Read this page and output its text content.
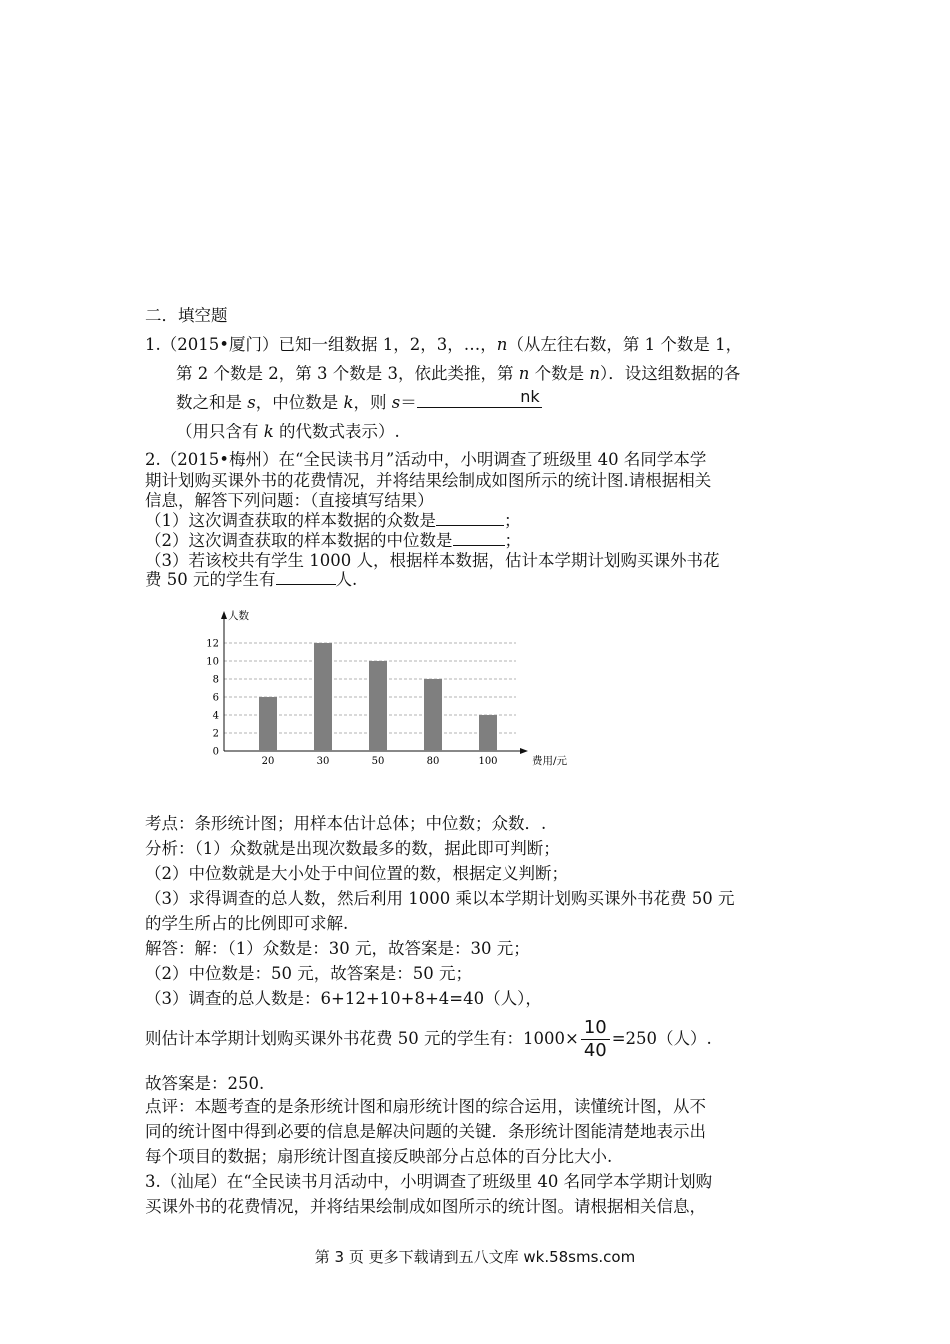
二．填空题
1.（2015•厦门）已知一组数据 1，2，3，…，n（从左往右数，第 1 个数是 1，
第 2 个数是 2，第 3 个数是 3，依此类推，第 n 个数是 n）．设这组数据的各
数之和是 s，中位数是 k，则 s＝	nk
（用只含有 k 的代数式表示）.
2.（2015•梅州）在“全民读书月”活动中，小明调查了班级里 40 名同学本学
期计划购买课外书的花费情况，并将结果绘制成如图所示的统计图.请根据相关
信息，解答下列问题：（直接填写结果）
（1）这次调查获取的样本数据的众数是	；
（2）这次调查获取的样本数据的中位数是	；
（3）若该校共有学生 1000 人，根据样本数据，估计本学期计划购买课外书花
费 50 元的学生有	人.
人数
费用/元
0
2
4
6
8
10
12
20	30	50	80	100
考点：条形统计图；用样本估计总体；中位数；众数．.
分析：（1）众数就是出现次数最多的数，据此即可判断；
（2）中位数就是大小处于中间位置的数，根据定义判断；
（3）求得调查的总人数，然后利用 1000 乘以本学期计划购买课外书花费 50 元
的学生所占的比例即可求解.
解答：解：（1）众数是：30 元，故答案是：30 元；
（2）中位数是：50 元，故答案是：50 元；
（3）调查的总人数是：6+12+10+8+4=40（人），
则估计本学期计划购买课外书花费 50 元的学生有：$1000\times \frac{10}{40} =250$（人）.
故答案是：250.
点评：本题考查的是条形统计图和扇形统计图的综合运用，读懂统计图，从不
同的统计图中得到必要的信息是解决问题的关键．条形统计图能清楚地表示出
每个项目的数据；扇形统计图直接反映部分占总体的百分比大小.
3.（汕尾）在“全民读书月活动中，小明调查了班级里 40 名同学本学期计划购
买课外书的花费情况，并将结果绘制成如图所示的统计图。请根据相关信息，
第 3 页 更多下载请到五八文库 wk.58sms.com
